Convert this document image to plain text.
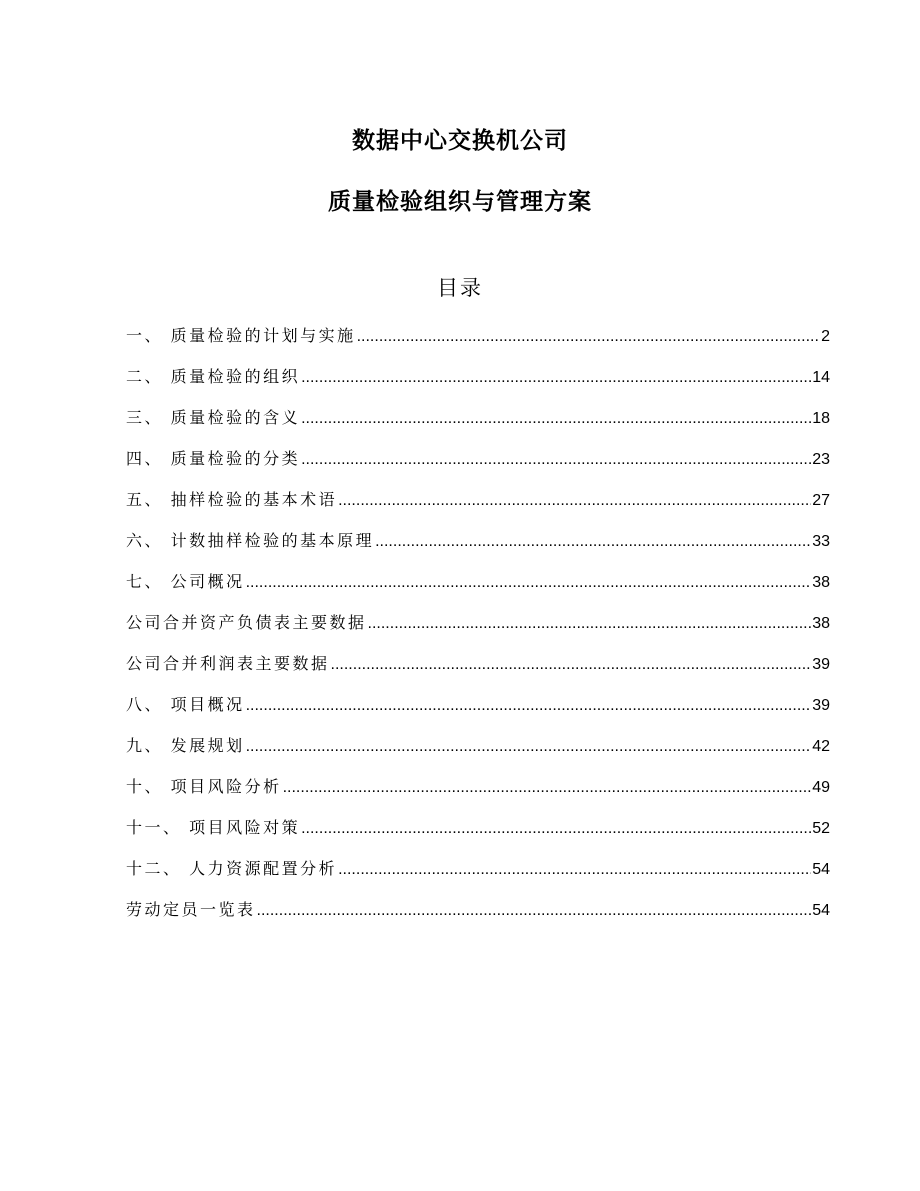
数据中心交换机公司
质量检验组织与管理方案
目录
一、 质量检验的计划与实施 .....	2
二、 质量检验的组织 .....	14
三、 质量检验的含义 .....	18
四、 质量检验的分类 .....	23
五、 抽样检验的基本术语 .....	27
六、 计数抽样检验的基本原理 .....	33
七、 公司概况 .....	38
公司合并资产负债表主要数据 .....	38
公司合并利润表主要数据 .....	39
八、 项目概况 .....	39
九、 发展规划 .....	42
十、 项目风险分析 .....	49
十一、 项目风险对策 .....	52
十二、 人力资源配置分析 .....	54
劳动定员一览表 .....	54
